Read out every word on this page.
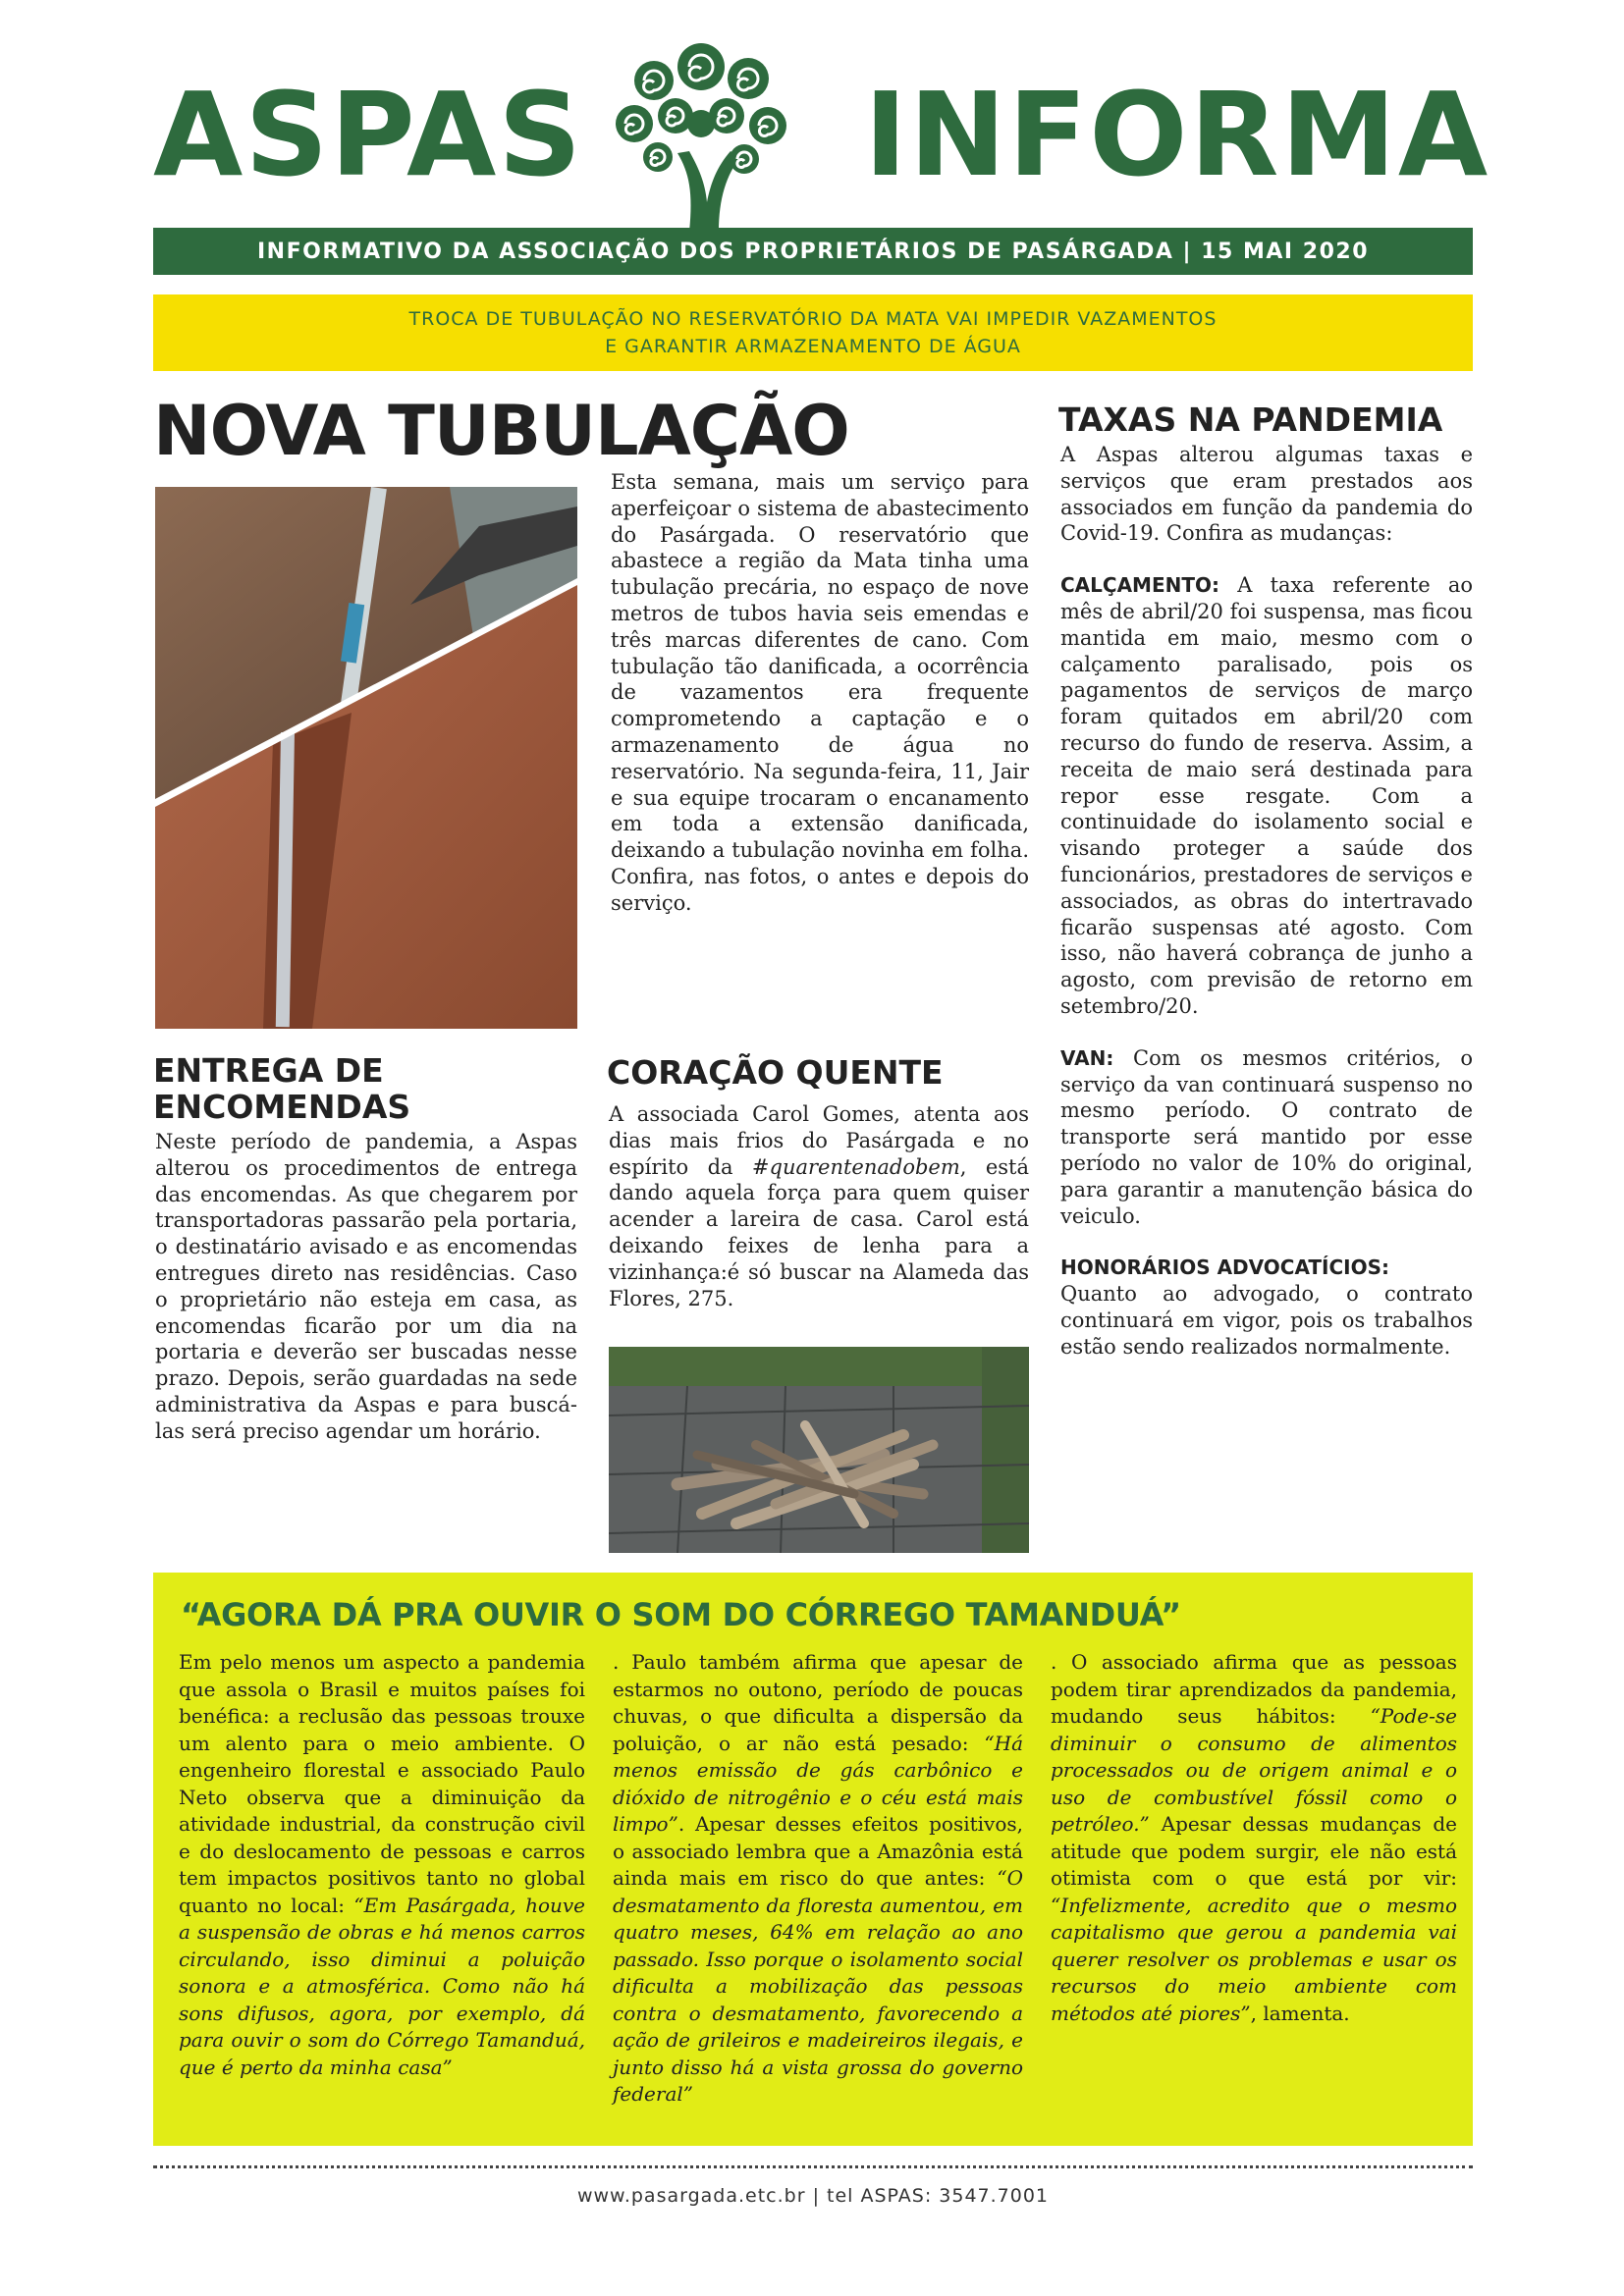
ASPAS INFORMA
INFORMATIVO DA ASSOCIAÇÃO DOS PROPRIETÁRIOS DE PASÁRGADA | 15 MAI 2020
TROCA DE TUBULAÇÃO NO RESERVATÓRIO DA MATA VAI IMPEDIR VAZAMENTOS
E GARANTIR ARMAZENAMENTO DE ÁGUA
NOVA TUBULAÇÃO
Esta semana, mais um serviço para aperfeiçoar o sistema de abastecimento do Pasárgada. O reservatório que abastece a região da Mata tinha uma tubulação precária, no espaço de nove metros de tubos havia seis emendas e três marcas diferentes de cano. Com tubulação tão danificada, a ocorrência de vazamentos era frequente comprometendo a captação e o armazenamento de água no reservatório. Na segunda-feira, 11, Jair e sua equipe trocaram o encanamento em toda a extensão danificada, deixando a tubulação novinha em folha. Confira, nas fotos, o antes e depois do serviço.
ENTREGA DE
ENCOMENDAS
Neste período de pandemia, a Aspas alterou os procedimentos de entrega das encomendas. As que chegarem por transportadoras passarão pela portaria, o destinatário avisado e as encomendas entregues direto nas residências. Caso o proprietário não esteja em casa, as encomendas ficarão por um dia na portaria e deverão ser buscadas nesse prazo. Depois, serão guardadas na sede administrativa da Aspas e para buscá-las será preciso agendar um horário.
CORAÇÃO QUENTE
A associada Carol Gomes, atenta aos dias mais frios do Pasárgada e no espírito da #quarentenadobem, está dando aquela força para quem quiser acender a lareira de casa. Carol está deixando feixes de lenha para a vizinhança:é só buscar na Alameda das Flores, 275.
TAXAS NA PANDEMIA

A Aspas alterou algumas taxas e serviços que eram prestados aos associados em função da pandemia do Covid-19. Confira as mudanças:

CALÇAMENTO: A taxa referente ao mês de abril/20 foi suspensa, mas ficou mantida em maio, mesmo com o calçamento paralisado, pois os pagamentos de serviços de março foram quitados em abril/20 com recurso do fundo de reserva. Assim, a receita de maio será destinada para repor esse resgate. Com a continuidade do isolamento social e visando proteger a saúde dos funcionários, prestadores de serviços e associados, as obras do intertravado ficarão suspensas até agosto. Com isso, não haverá cobrança de junho a agosto, com previsão de retorno em setembro/20.

VAN: Com os mesmos critérios, o serviço da van continuará suspenso no mesmo período. O contrato de transporte será mantido por esse período no valor de 10% do original, para garantir a manutenção básica do veiculo.

HONORÁRIOS ADVOCATÍCIOS:

Quanto ao advogado, o contrato continuará em vigor, pois os trabalhos estão sendo realizados normalmente.

“AGORA DÁ PRA OUVIR O SOM DO CÓRREGO TAMANDUÁ”
Em pelo menos um aspecto a pandemia que assola o Brasil e muitos países foi benéfica: a reclusão das pessoas trouxe um alento para o meio ambiente. O engenheiro florestal e associado Paulo Neto observa que a diminuição da atividade industrial, da construção civil e do deslocamento de pessoas e carros tem impactos positivos tanto no global quanto no local: “Em Pasárgada, houve a suspensão de obras e há menos carros circulando, isso diminui a poluição sonora e a atmosférica. Como não há sons difusos, agora, por exemplo, dá para ouvir o som do Córrego Tamanduá, que é perto da minha casa”
. Paulo também afirma que apesar de estarmos no outono, período de poucas chuvas, o que dificulta a dispersão da poluição, o ar não está pesado: “Há menos emissão de gás carbônico e dióxido de nitrogênio e o céu está mais limpo”. Apesar desses efeitos positivos, o associado lembra que a Amazônia está ainda mais em risco do que antes: “O desmatamento da floresta aumentou, em quatro meses, 64% em relação ao ano passado. Isso porque o isolamento social dificulta a mobilização das pessoas contra o desmatamento, favorecendo a ação de grileiros e madeireiros ilegais, e junto disso há a vista grossa do governo federal”
. O associado afirma que as pessoas podem tirar aprendizados da pandemia, mudando seus hábitos: “Pode-se diminuir o consumo de alimentos processados ou de origem animal e o uso de combustível fóssil como o petróleo.” Apesar dessas mudanças de atitude que podem surgir, ele não está otimista com o que está por vir: “Infelizmente, acredito que o mesmo capitalismo que gerou a pandemia vai querer resolver os problemas e usar os recursos do meio ambiente com métodos até piores”, lamenta.
www.pasargada.etc.br | tel ASPAS: 3547.7001
